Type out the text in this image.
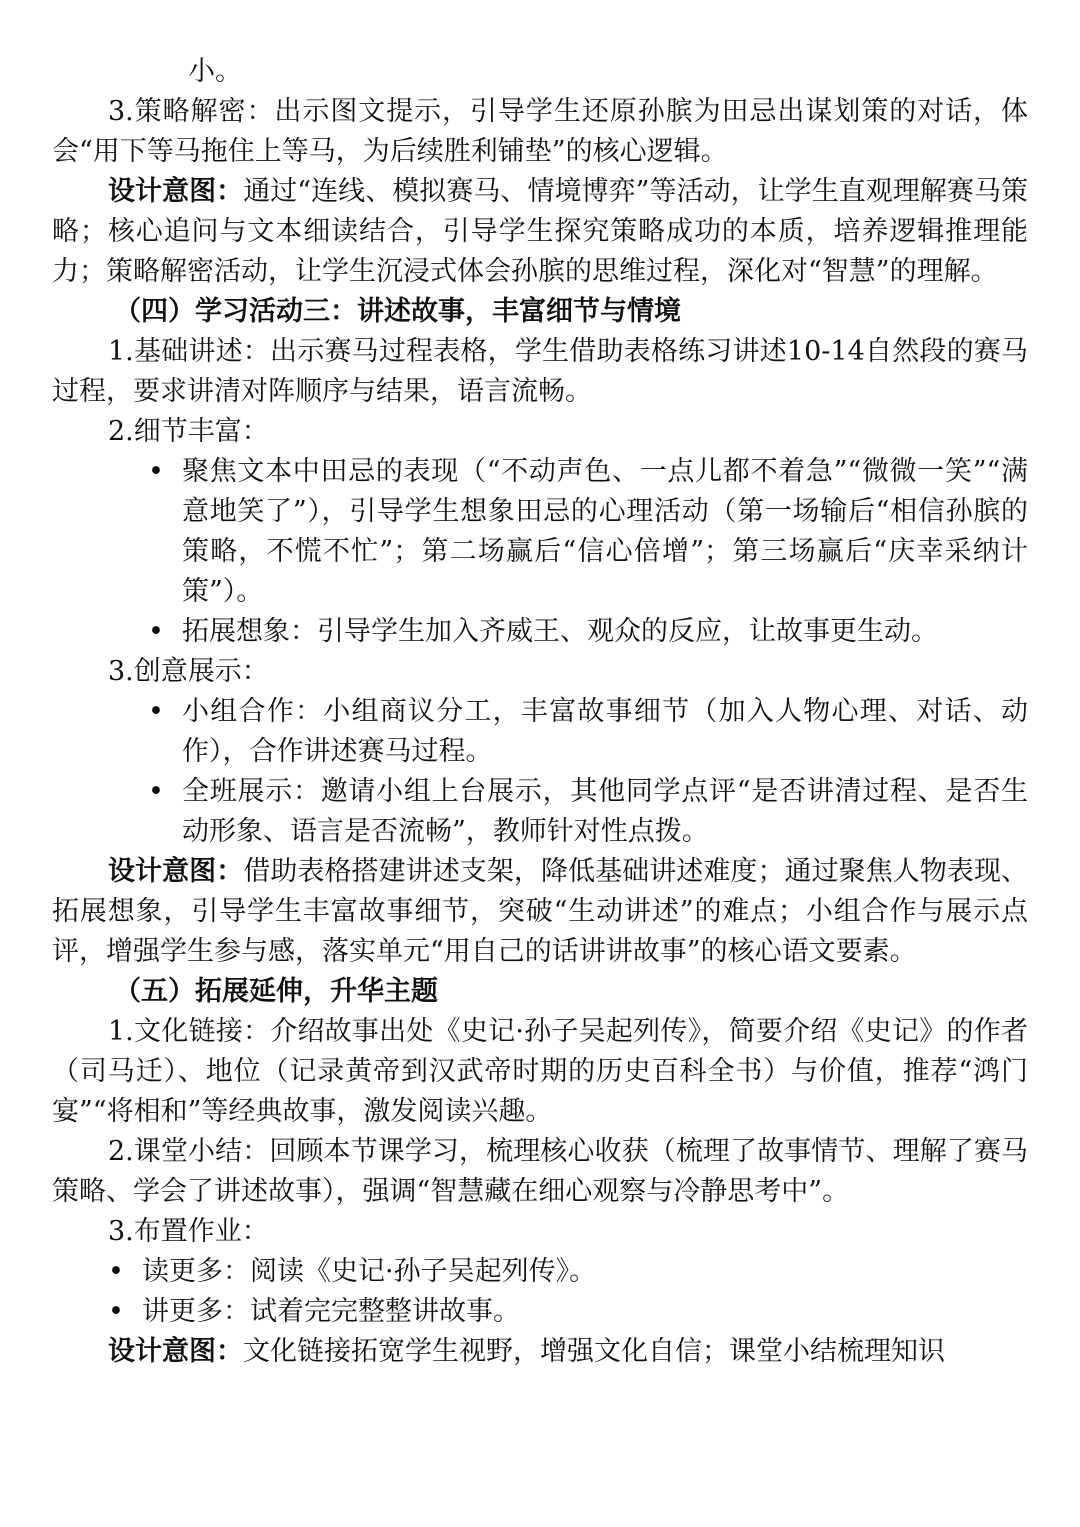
小。

3.策略解密：出示图文提示，引导学生还原孙膑为田忌出谋划策的对话，体会“用下等马拖住上等马，为后续胜利铺垫”的核心逻辑。

设计意图：通过“连线、模拟赛马、情境博弈”等活动，让学生直观理解赛马策略；核心追问与文本细读结合，引导学生探究策略成功的本质，培养逻辑推理能力；策略解密活动，让学生沉浸式体会孙膑的思维过程，深化对“智慧”的理解。

（四）学习活动三：讲述故事，丰富细节与情境

1.基础讲述：出示赛马过程表格，学生借助表格练习讲述10-14自然段的赛马过程，要求讲清对阵顺序与结果，语言流畅。

2.细节丰富：

• 聚焦文本中田忌的表现（“不动声色、一点儿都不着急”“微微一笑”“满意地笑了”），引导学生想象田忌的心理活动（第一场输后“相信孙膑的策略，不慌不忙”；第二场赢后“信心倍增”；第三场赢后“庆幸采纳计策”）。
• 拓展想象：引导学生加入齐威王、观众的反应，让故事更生动。

3.创意展示：

• 小组合作：小组商议分工，丰富故事细节（加入人物心理、对话、动作），合作讲述赛马过程。
• 全班展示：邀请小组上台展示，其他同学点评“是否讲清过程、是否生动形象、语言是否流畅”，教师针对性点拨。

设计意图：借助表格搭建讲述支架，降低基础讲述难度；通过聚焦人物表现、拓展想象，引导学生丰富故事细节，突破“生动讲述”的难点；小组合作与展示点评，增强学生参与感，落实单元“用自己的话讲讲故事”的核心语文要素。

（五）拓展延伸，升华主题

1.文化链接：介绍故事出处《史记·孙子吴起列传》，简要介绍《史记》的作者（司马迁）、地位（记录黄帝到汉武帝时期的历史百科全书）与价值，推荐“鸿门宴”“将相和”等经典故事，激发阅读兴趣。

2.课堂小结：回顾本节课学习，梳理核心收获（梳理了故事情节、理解了赛马策略、学会了讲述故事），强调“智慧藏在细心观察与冷静思考中”。

3.布置作业：

• 读更多：阅读《史记·孙子吴起列传》。
• 讲更多：试着完完整整讲故事。

设计意图：文化链接拓宽学生视野，增强文化自信；课堂小结梳理知识
